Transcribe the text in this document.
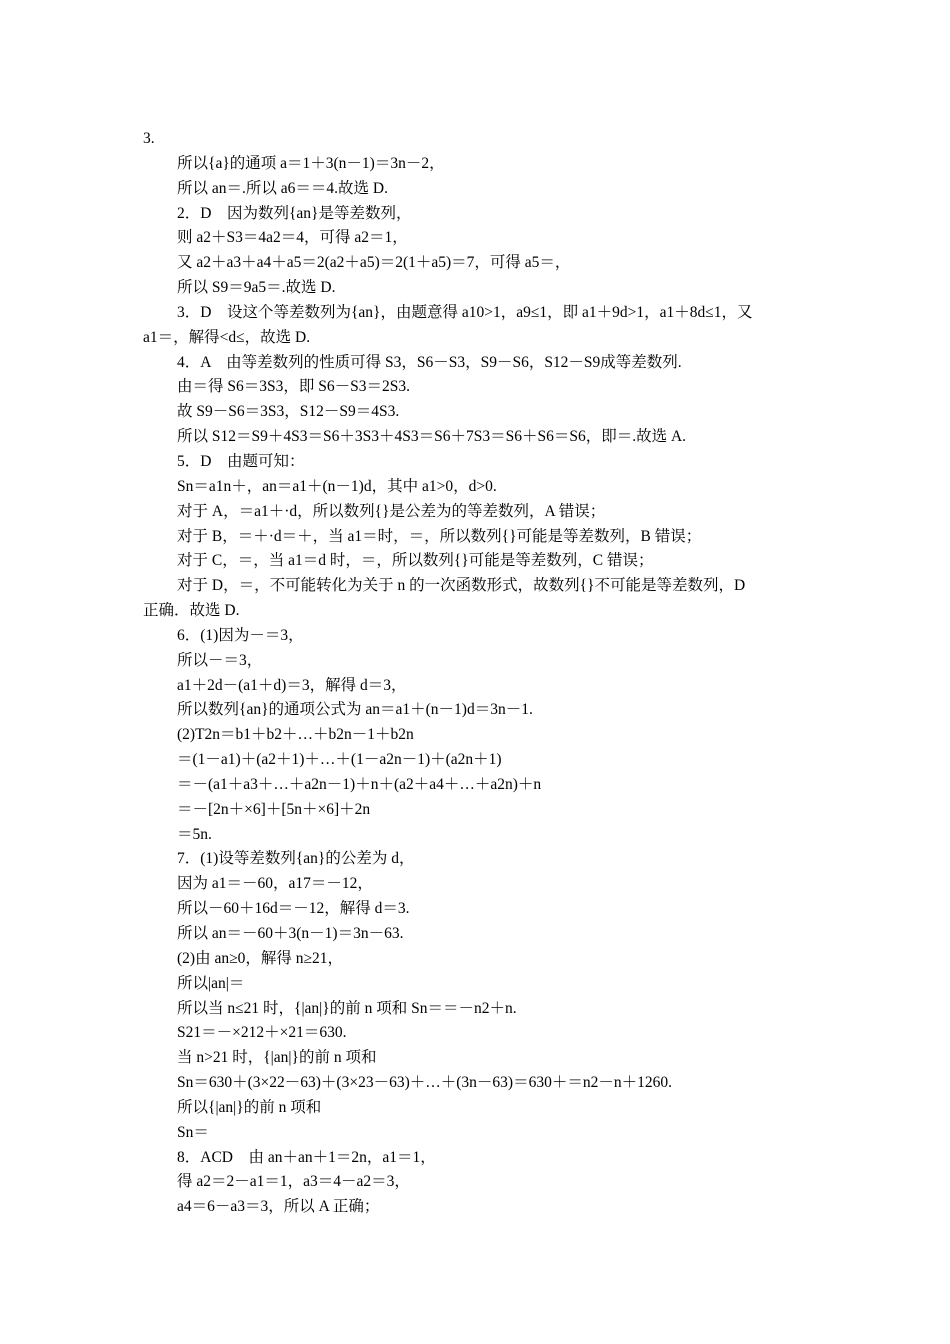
3.
所以{a}的通项 a＝1＋3(n－1)＝3n－2，
所以 an＝.所以 a6＝＝4.故选 D.
2．D　因为数列{an}是等差数列，
则 a2＋S3＝4a2＝4，可得 a2＝1，
又 a2＋a3＋a4＋a5＝2(a2＋a5)＝2(1＋a5)＝7，可得 a5＝，
所以 S9＝9a5＝.故选 D.
3．D　设这个等差数列为{an}，由题意得 a10>1，a9≤1，即 a1＋9d>1，a1＋8d≤1，又
a1＝，解得<d≤，故选 D.
4．A　由等差数列的性质可得 S3，S6－S3，S9－S6，S12－S9成等差数列.
由＝得 S6＝3S3，即 S6－S3＝2S3.
故 S9－S6＝3S3，S12－S9＝4S3.
所以 S12＝S9＋4S3＝S6＋3S3＋4S3＝S6＋7S3＝S6＋S6＝S6，即＝.故选 A.
5．D　由题可知：
Sn＝a1n＋，an＝a1＋(n－1)d，其中 a1>0，d>0.
对于 A，＝a1＋·d，所以数列{}是公差为的等差数列，A 错误；
对于 B，＝＋·d＝＋，当 a1＝时，＝，所以数列{}可能是等差数列，B 错误；
对于 C，＝，当 a1＝d 时，＝，所以数列{}可能是等差数列，C 错误；
对于 D，＝，不可能转化为关于 n 的一次函数形式，故数列{}不可能是等差数列，D
正确．故选 D.
6．(1)因为－＝3，
所以－＝3，
a1＋2d－(a1＋d)＝3，解得 d＝3，
所以数列{an}的通项公式为 an＝a1＋(n－1)d＝3n－1.
(2)T2n＝b1＋b2＋…＋b2n－1＋b2n
＝(1－a1)＋(a2＋1)＋…＋(1－a2n－1)＋(a2n＋1)
＝－(a1＋a3＋…＋a2n－1)＋n＋(a2＋a4＋…＋a2n)＋n
＝－[2n＋×6]＋[5n＋×6]＋2n
＝5n.
7．(1)设等差数列{an}的公差为 d，
因为 a1＝－60，a17＝－12，
所以－60＋16d＝－12，解得 d＝3.
所以 an＝－60＋3(n－1)＝3n－63.
(2)由 an≥0，解得 n≥21，
所以|an|＝
所以当 n≤21 时，{|an|}的前 n 项和 Sn＝＝－n2＋n.
S21＝－×212＋×21＝630.
当 n>21 时，{|an|}的前 n 项和
Sn＝630＋(3×22－63)＋(3×23－63)＋…＋(3n－63)＝630＋＝n2－n＋1260.
所以{|an|}的前 n 项和
Sn＝
8．ACD　由 an＋an＋1＝2n，a1＝1，
得 a2＝2－a1＝1，a3＝4－a2＝3，
a4＝6－a3＝3，所以 A 正确；
